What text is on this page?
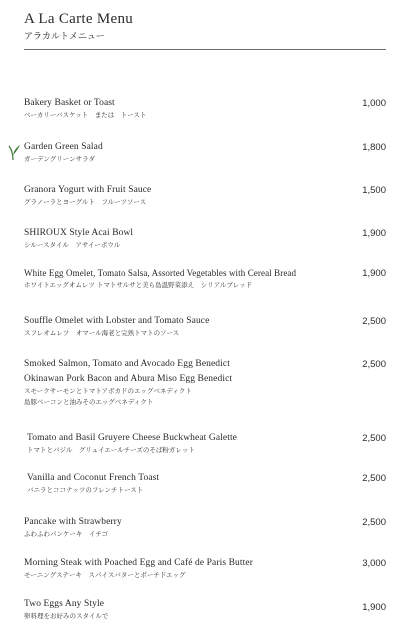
A La Carte Menu
アラカルトメニュー
Bakery Basket or Toast
ベーカリーバスケット　または　トースト
1,000
Garden Green Salad
ガーデングリーンサラダ
1,800
Granora Yogurt with Fruit Sauce
グラノーラとヨーグルト　フルーツソース
1,500
SHIROUX Style Acai Bowl
シルースタイル　アサイーボウル
1,900
White Egg Omelet, Tomato Salsa, Assorted Vegetables with Cereal Bread
ホワイトエッグオムレツ トマトサルサと美ら島温野菜添え　シリアルブレッド
1,900
Souffle Omelet with Lobster and Tomato Sauce
スフレオムレツ　オマール海老と完熟トマトのソース
2,500
Smoked Salmon, Tomato and Avocado Egg Benedict
Okinawan Pork Bacon and Abura Miso Egg Benedict
スモークサーモンとトマトアボカドのエッグベネディクト
島豚ベーコンと油みそのエッグベネディクト
2,500
Tomato and Basil Gruyere Cheese Buckwheat Galette
トマトとバジル　グリュイエールチーズのそば粉ガレット
2,500
Vanilla and Coconut French Toast
バニラとココナッツのフレンチトースト
2,500
Pancake with Strawberry
ふわふわパンケーキ　イチゴ
2,500
Morning Steak with Poached Egg and Café de Paris Butter
モーニングステーキ　スパイスバターとポーチドエッグ
3,000
Two Eggs Any Style
卵料理をお好みのスタイルで
1,900
